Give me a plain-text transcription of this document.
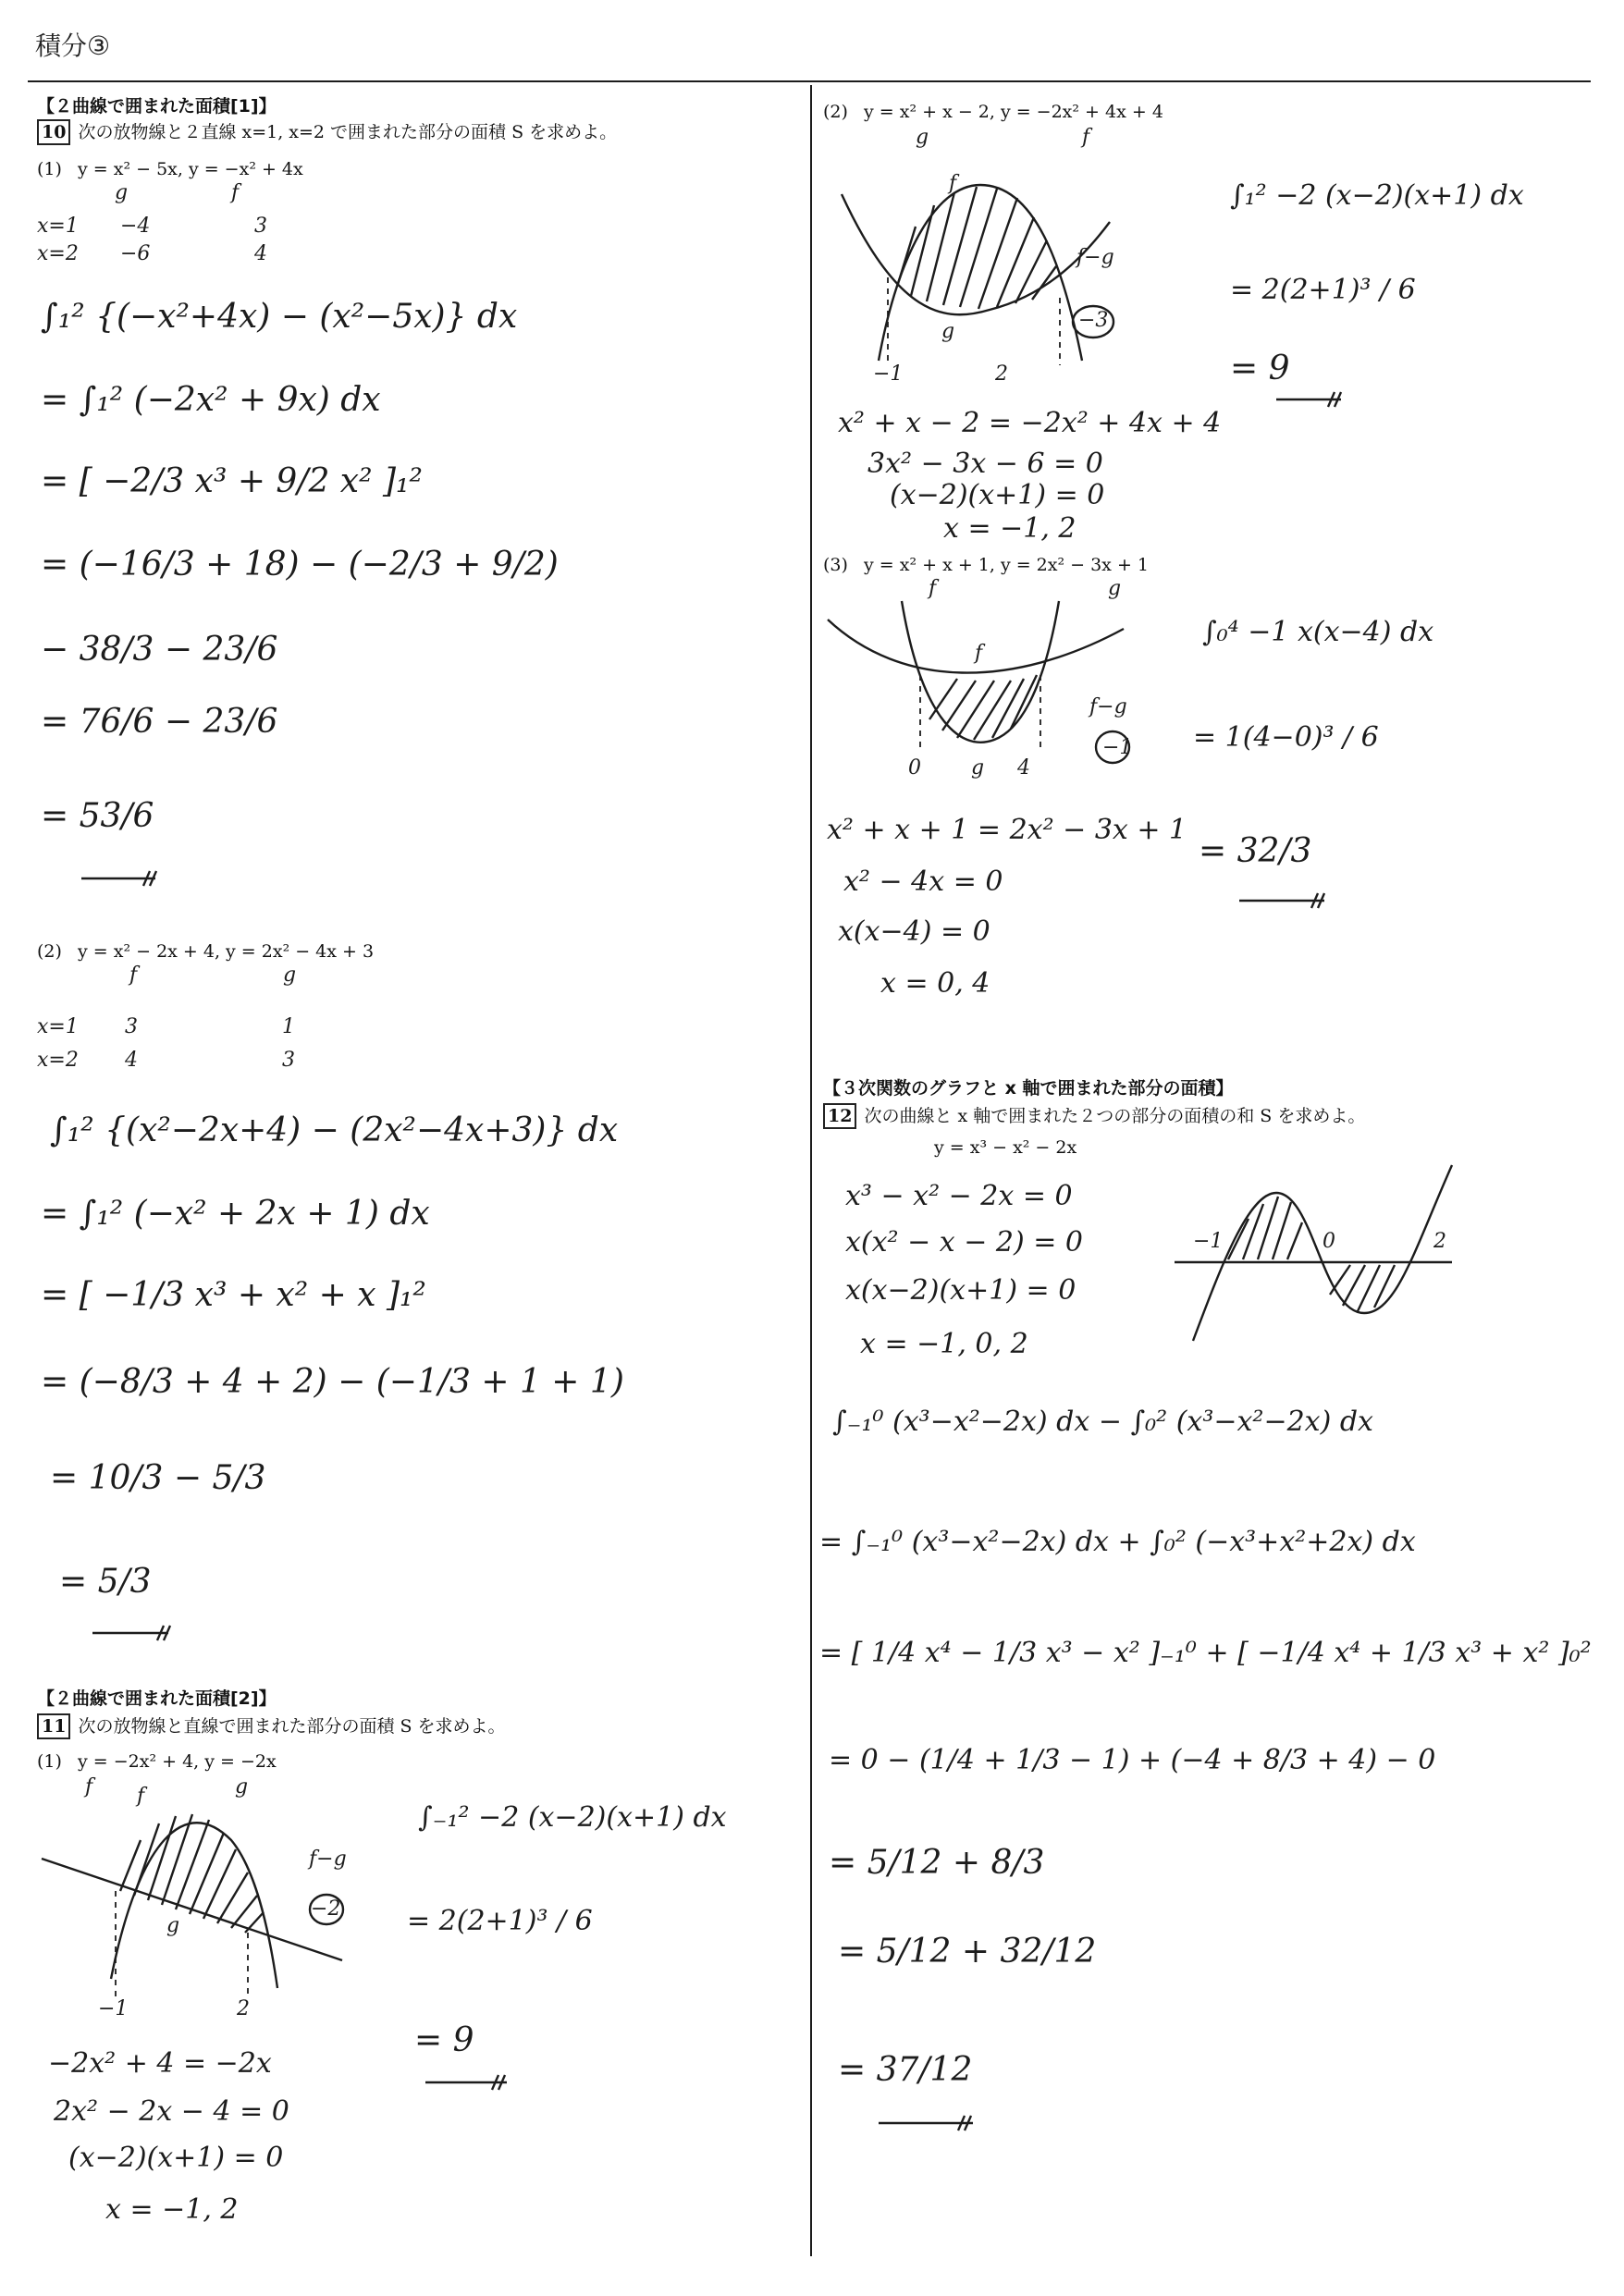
積分③
【２曲線で囲まれた面積[1]】
10 次の放物線と２直線 x=1, x=2 で囲まれた部分の面積 S を求めよ。
(1) y = x² − 5x, y = −x² + 4x
g	f
x=1 −4	3
x=2 −6	4
∫₁² {(−x²+4x) − (x²−5x)} dx
= ∫₁² (−2x² + 9x) dx
= [ −2/3 x³ + 9/2 x² ]₁²
= (−16/3 + 18) − (−2/3 + 9/2)
− 38/3 − 23/6
= 76/6 − 23/6
= 53/6
(2) y = x² − 2x + 4, y = 2x² − 4x + 3
f	g
x=1 3	1
x=2 4	3
∫₁² {(x²−2x+4) − (2x²−4x+3)} dx
= ∫₁² (−x² + 2x + 1) dx
= [ −1/3 x³ + x² + x ]₁²
= (−8/3 + 4 + 2) − (−1/3 + 1 + 1)
= 10/3 − 5/3
= 5/3
【２曲線で囲まれた面積[2]】
11 次の放物線と直線で囲まれた部分の面積 S を求めよ。
(1) y = −2x² + 4, y = −2x
f	g
f
g
f−g
−2
−1	2
∫₋₁² −2 (x−2)(x+1) dx
= 2(2+1)³ / 6
= 9
−2x² + 4 = −2x
2x² − 2x − 4 = 0
(x−2)(x+1) = 0
x = −1, 2
(2) y = x² + x − 2, y = −2x² + 4x + 4
g	f
f
g
f−g
−3
−1	2
∫₁² −2 (x−2)(x+1) dx
= 2(2+1)³ / 6
= 9
x² + x − 2 = −2x² + 4x + 4
3x² − 3x − 6 = 0
(x−2)(x+1) = 0
x = −1, 2
(3) y = x² + x + 1, y = 2x² − 3x + 1
f	g
f
g
f−g
−1
0	4
∫₀⁴ −1 x(x−4) dx
= 1(4−0)³ / 6
= 32/3
x² + x + 1 = 2x² − 3x + 1
x² − 4x = 0
x(x−4) = 0
x = 0, 4
【３次関数のグラフと x 軸で囲まれた部分の面積】
12 次の曲線と x 軸で囲まれた２つの部分の面積の和 S を求めよ。
y = x³ − x² − 2x
x³ − x² − 2x = 0
x(x² − x − 2) = 0
x(x−2)(x+1) = 0
x = −1, 0, 2
−1	0	2
∫₋₁⁰ (x³−x²−2x) dx − ∫₀² (x³−x²−2x) dx
= ∫₋₁⁰ (x³−x²−2x) dx + ∫₀² (−x³+x²+2x) dx
= [ 1/4 x⁴ − 1/3 x³ − x² ]₋₁⁰ + [ −1/4 x⁴ + 1/3 x³ + x² ]₀²
= 0 − (1/4 + 1/3 − 1) + (−4 + 8/3 + 4) − 0
= 5/12 + 8/3
= 5/12 + 32/12
= 37/12
